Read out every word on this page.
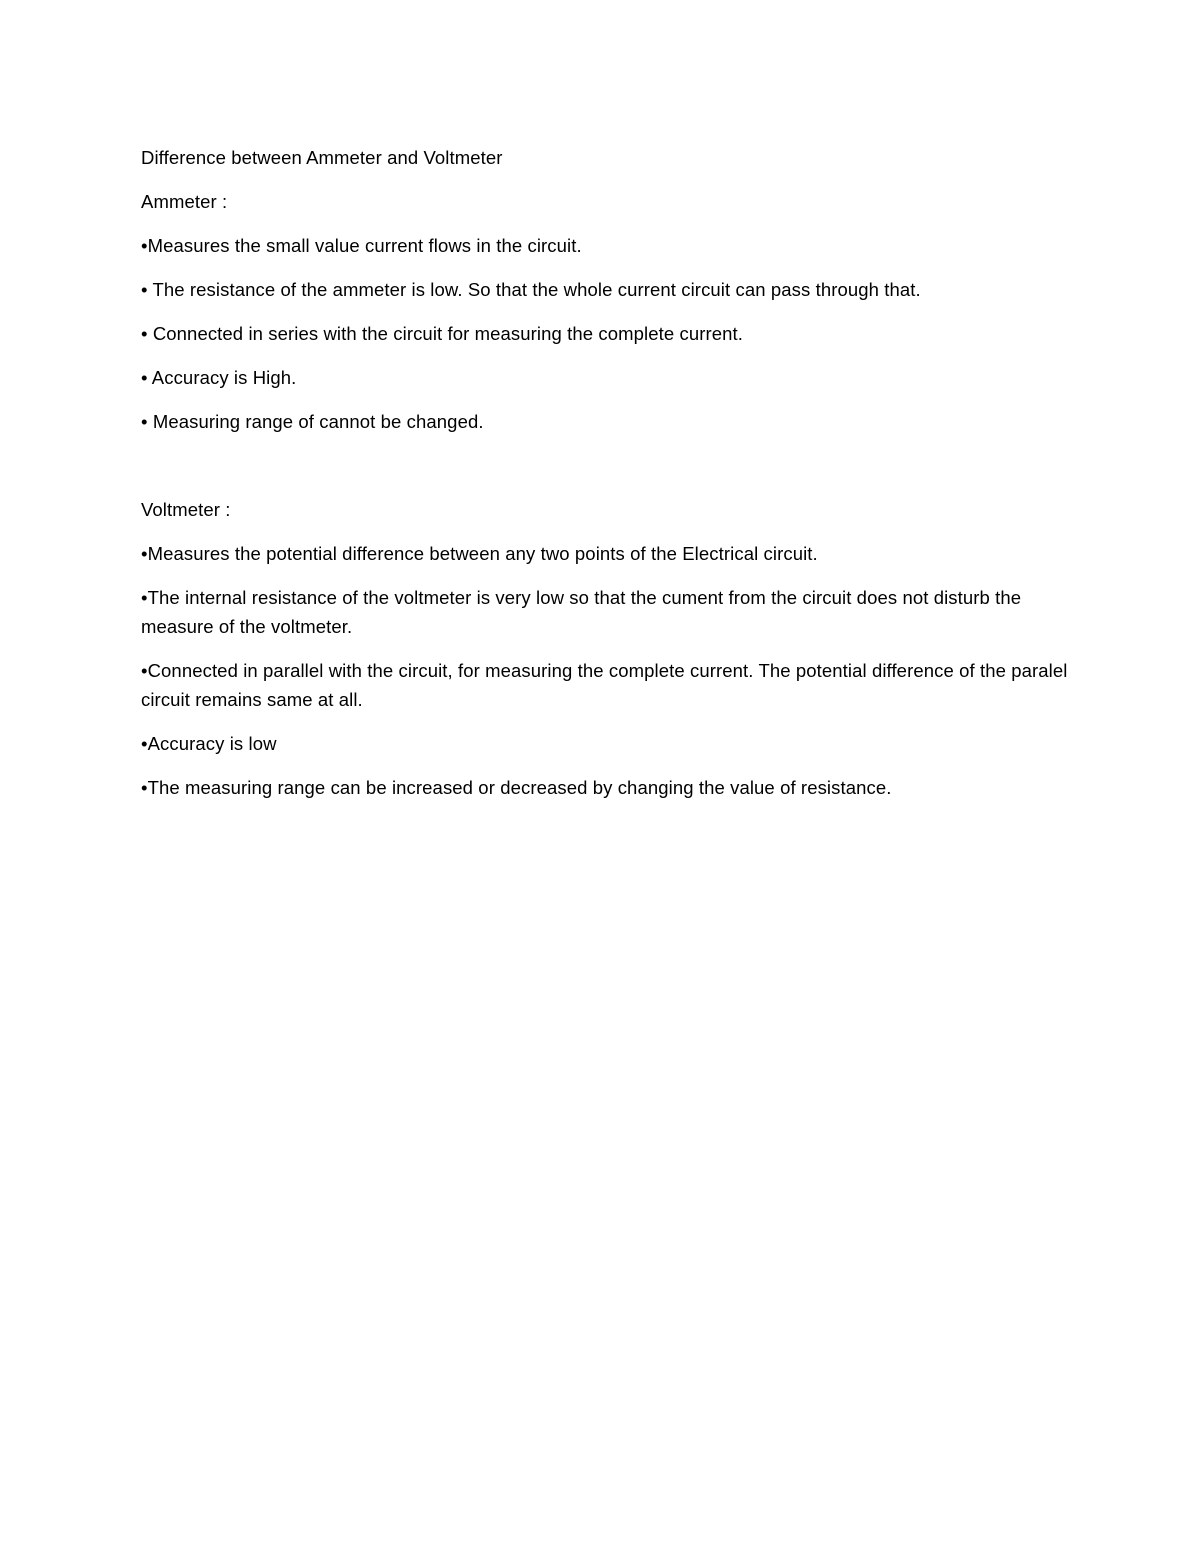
Difference between Ammeter and Voltmeter

Ammeter :

•Measures the small value current flows in the circuit.

• The resistance of the ammeter is low. So that the whole current circuit can pass through that.

• Connected in series with the circuit for measuring the complete current.

• Accuracy is High.

• Measuring range of cannot be changed.

Voltmeter :

•Measures the potential difference between any two points of the Electrical circuit.

•The internal resistance of the voltmeter is very low so that the cument from the circuit does not disturb the measure of the voltmeter.

•Connected in parallel with the circuit, for measuring the complete current. The potential difference of the paralel circuit remains same at all.

•Accuracy is low

•The measuring range can be increased or decreased by changing the value of resistance.
